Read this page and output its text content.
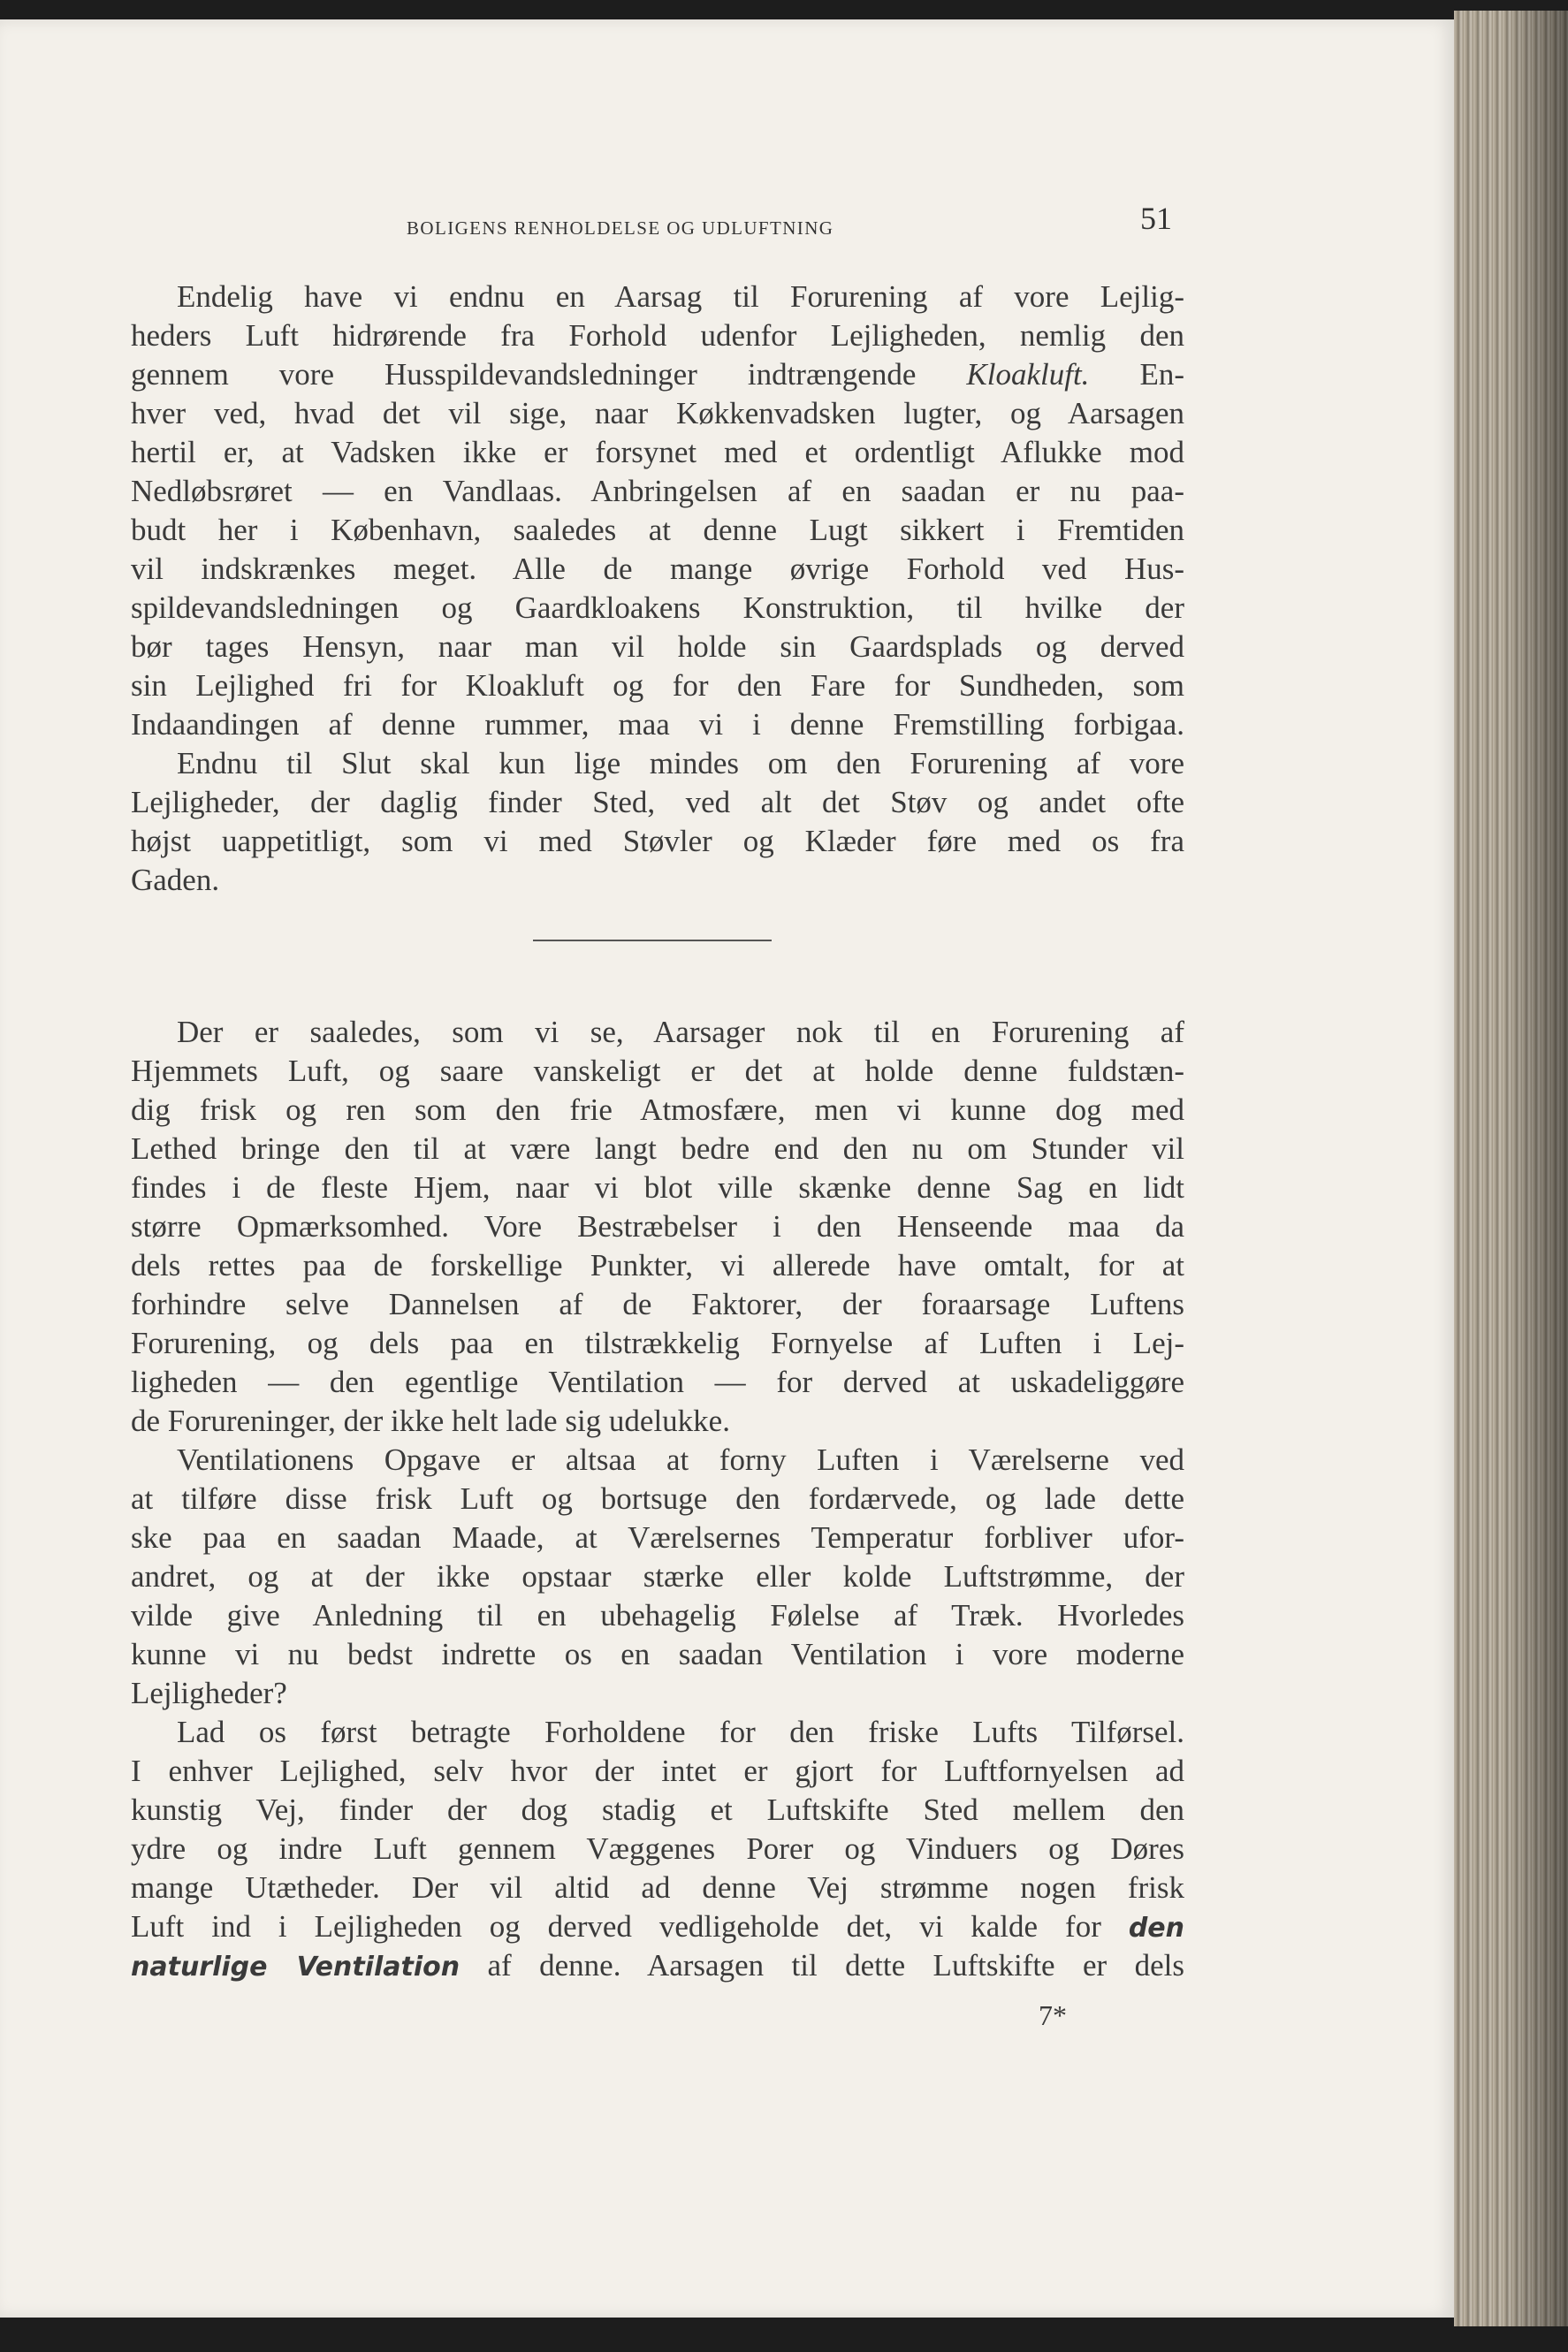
BOLIGENS RENHOLDELSE OG UDLUFTNING	51
Endelig have vi endnu en Aarsag til Forurening af vore Lejlig-
heders Luft hidrørende fra Forhold udenfor Lejligheden, nemlig den
gennem vore Husspildevandsledninger indtrængende Kloakluft. En-
hver ved, hvad det vil sige, naar Køkkenvadsken lugter, og Aarsagen
hertil er, at Vadsken ikke er forsynet med et ordentligt Aflukke mod
Nedløbsrøret — en Vandlaas. Anbringelsen af en saadan er nu paa-
budt her i København, saaledes at denne Lugt sikkert i Fremtiden
vil indskrænkes meget. Alle de mange øvrige Forhold ved Hus-
spildevandsledningen og Gaardkloakens Konstruktion, til hvilke der
bør tages Hensyn, naar man vil holde sin Gaardsplads og derved
sin Lejlighed fri for Kloakluft og for den Fare for Sundheden, som
Indaandingen af denne rummer, maa vi i denne Fremstilling forbigaa.
Endnu til Slut skal kun lige mindes om den Forurening af vore
Lejligheder, der daglig finder Sted, ved alt det Støv og andet ofte
højst uappetitligt, som vi med Støvler og Klæder føre med os fra
Gaden.
Der er saaledes, som vi se, Aarsager nok til en Forurening af
Hjemmets Luft, og saare vanskeligt er det at holde denne fuldstæn-
dig frisk og ren som den frie Atmosfære, men vi kunne dog med
Lethed bringe den til at være langt bedre end den nu om Stunder vil
findes i de fleste Hjem, naar vi blot ville skænke denne Sag en lidt
større Opmærksomhed. Vore Bestræbelser i den Henseende maa da
dels rettes paa de forskellige Punkter, vi allerede have omtalt, for at
forhindre selve Dannelsen af de Faktorer, der foraarsage Luftens
Forurening, og dels paa en tilstrækkelig Fornyelse af Luften i Lej-
ligheden — den egentlige Ventilation — for derved at uskadeliggøre
de Forureninger, der ikke helt lade sig udelukke.
Ventilationens Opgave er altsaa at forny Luften i Værelserne ved
at tilføre disse frisk Luft og bortsuge den fordærvede, og lade dette
ske paa en saadan Maade, at Værelsernes Temperatur forbliver ufor-
andret, og at der ikke opstaar stærke eller kolde Luftstrømme, der
vilde give Anledning til en ubehagelig Følelse af Træk. Hvorledes
kunne vi nu bedst indrette os en saadan Ventilation i vore moderne
Lejligheder?
Lad os først betragte Forholdene for den friske Lufts Tilførsel.
I enhver Lejlighed, selv hvor der intet er gjort for Luftfornyelsen ad
kunstig Vej, finder der dog stadig et Luftskifte Sted mellem den
ydre og indre Luft gennem Væggenes Porer og Vinduers og Døres
mange Utætheder. Der vil altid ad denne Vej strømme nogen frisk
Luft ind i Lejligheden og derved vedligeholde det, vi kalde for den
naturlige Ventilation af denne. Aarsagen til dette Luftskifte er dels
7*
